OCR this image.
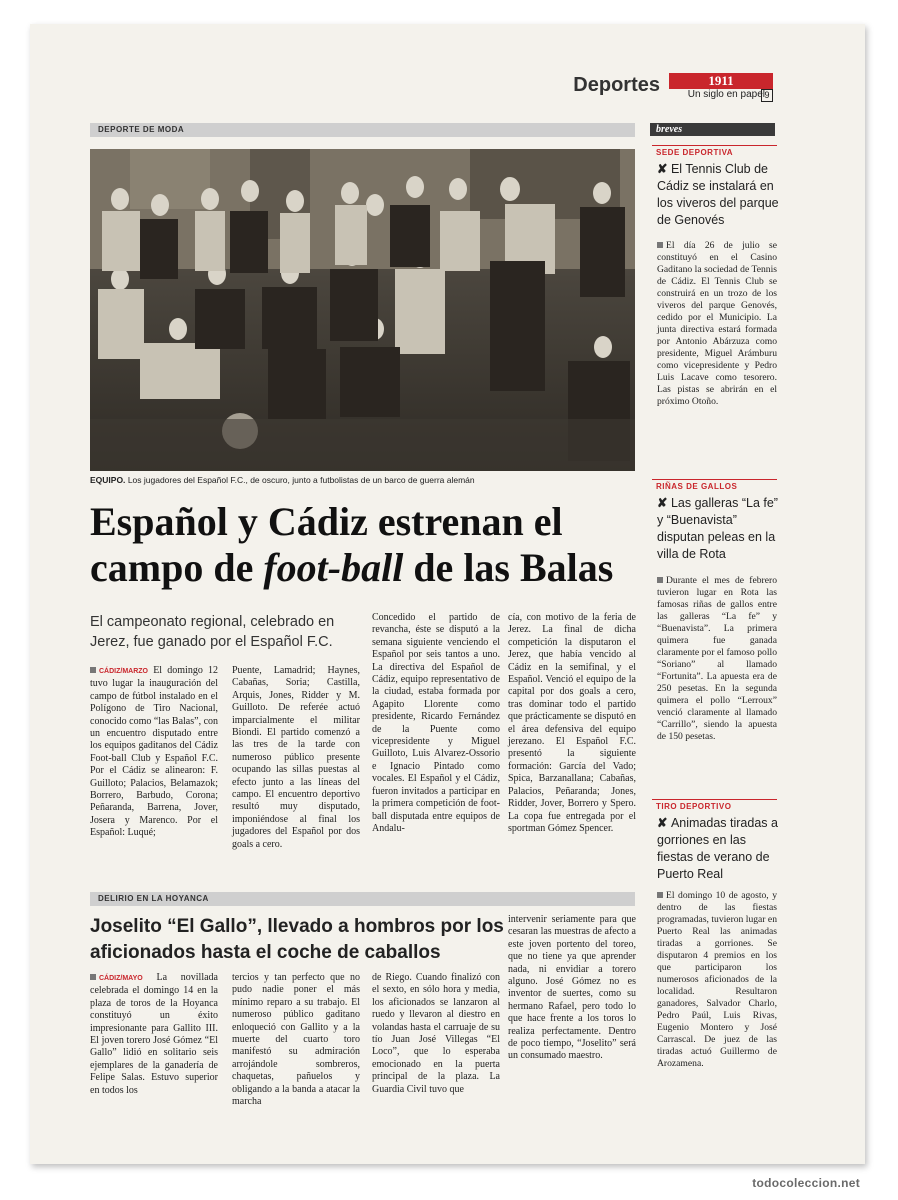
Deportes	1911
Un siglo en papel 9
DEPORTE DE MODA	breves
EQUIPO. Los jugadores del Español F.C., de oscuro, junto a futbolistas de un barco de guerra alemán
Español y Cádiz estrenan el campo de foot-ball de las Balas
El campeonato regional, celebrado en Jerez, fue ganado por el Español F.C.
CÁDIZ/MARZO El domingo 12 tuvo lugar la inauguración del campo de fútbol instalado en el Polígono de Tiro Nacional, conocido como “las Balas”, con un encuentro disputado entre los equipos gaditanos del Cádiz Foot-ball Club y Español F.C. Por el Cádiz se alinearon: F. Guilloto; Palacios, Belamazok; Borrero, Barbudo, Corona; Peñaranda, Barrena, Jover, Josera y Marenco. Por el Español: Luqué;
Puente, Lamadrid; Haynes, Cabañas, Soria; Castilla, Arquis, Jones, Ridder y M. Guilloto. De referée actuó imparcialmente el militar Biondi. El partido comenzó a las tres de la tarde con numeroso público presente ocupando las sillas puestas al efecto junto a las líneas del campo. El encuentro deportivo resultó muy disputado, imponiéndose al final los jugadores del Español por dos goals a cero.
Concedido el partido de revancha, éste se disputó a la semana siguiente venciendo el Español por seis tantos a uno. La directiva del Español de Cádiz, equipo representativo de la ciudad, estaba formada por Agapito Llorente como presidente, Ricardo Fernández de la Puente como vicepresidente y Miguel Guilloto, Luis Alvarez-Ossorio e Ignacio Pintado como vocales. El Español y el Cádiz, fueron invitados a participar en la primera competición de foot-ball disputada entre equipos de Andalu-
cía, con motivo de la feria de Jerez. La final de dicha competición la disputaron el Jerez, que había vencido al Cádiz en la semifinal, y el Español. Venció el equipo de la capital por dos goals a cero, tras dominar todo el partido que prácticamente se disputó en el área defensiva del equipo jerezano. El Español F.C. presentó la siguiente formación: García del Vado; Spica, Barzanallana; Cabañas, Palacios, Peñaranda; Jones, Ridder, Jover, Borrero y Spero. La copa fue entregada por el sportman Gómez Spencer.
DELIRIO EN LA HOYANCA
Joselito “El Gallo”, llevado a hombros por los aficionados hasta el coche de caballos
CÁDIZ/MAYO La novillada celebrada el domingo 14 en la plaza de toros de la Hoyanca constituyó un éxito impresionante para Gallito III. El joven torero José Gómez “El Gallo” lidió en solitario seis ejemplares de la ganadería de Felipe Salas. Estuvo superior en todos los
tercios y tan perfecto que no pudo nadie poner el más mínimo reparo a su trabajo. El numeroso público gaditano enloqueció con Gallito y a la muerte del cuarto toro manifestó su admiración arrojándole sombreros, chaquetas, pañuelos y obligando a la banda a atacar la marcha
de Riego. Cuando finalizó con el sexto, en sólo hora y media, los aficionados se lanzaron al ruedo y llevaron al diestro en volandas hasta el carruaje de su tío Juan José Villegas “El Loco”, que lo esperaba emocionado en la puerta principal de la plaza. La Guardia Civil tuvo que
intervenir seriamente para que cesaran las muestras de afecto a este joven portento del toreo, que no tiene ya que aprender nada, ni envidiar a torero alguno. José Gómez no es inventor de suertes, como su hermano Rafael, pero todo lo que hace frente a los toros lo realiza perfectamente. Dentro de poco tiempo, “Joselito” será un consumado maestro.
SEDE DEPORTIVA
✘ El Tennis Club de Cádiz se instalará en los viveros del parque de Genovés
El día 26 de julio se constituyó en el Casino Gaditano la sociedad de Tennis de Cádiz. El Tennis Club se construirá en un trozo de los viveros del parque Genovés, cedido por el Municipio. La junta directiva estará formada por Antonio Abárzuza como presidente, Miguel Arámburu como vicepresidente y Pedro Luis Lacave como tesorero. Las pistas se abrirán en el próximo Otoño.
RIÑAS DE GALLOS
✘ Las galleras “La fe” y “Buenavista” disputan peleas en la villa de Rota
Durante el mes de febrero tuvieron lugar en Rota las famosas riñas de gallos entre las galleras “La fe” y “Buenavista”. La primera quimera fue ganada claramente por el famoso pollo “Soriano” al llamado “Fortunita”. La apuesta era de 250 pesetas. En la segunda quimera el pollo “Lerroux” venció claramente al llamado “Carrillo”, siendo la apuesta de 150 pesetas.
TIRO DEPORTIVO
✘ Animadas tiradas a gorriones en las fiestas de verano de Puerto Real
El domingo 10 de agosto, y dentro de las fiestas programadas, tuvieron lugar en Puerto Real las animadas tiradas a gorriones. Se disputaron 4 premios en los que participaron los numerosos aficionados de la localidad. Resultaron ganadores, Salvador Charlo, Pedro Paúl, Luis Rivas, Eugenio Montero y José Carrascal. De juez de las tiradas actuó Guillermo de Arozamena.
todocoleccion.net
